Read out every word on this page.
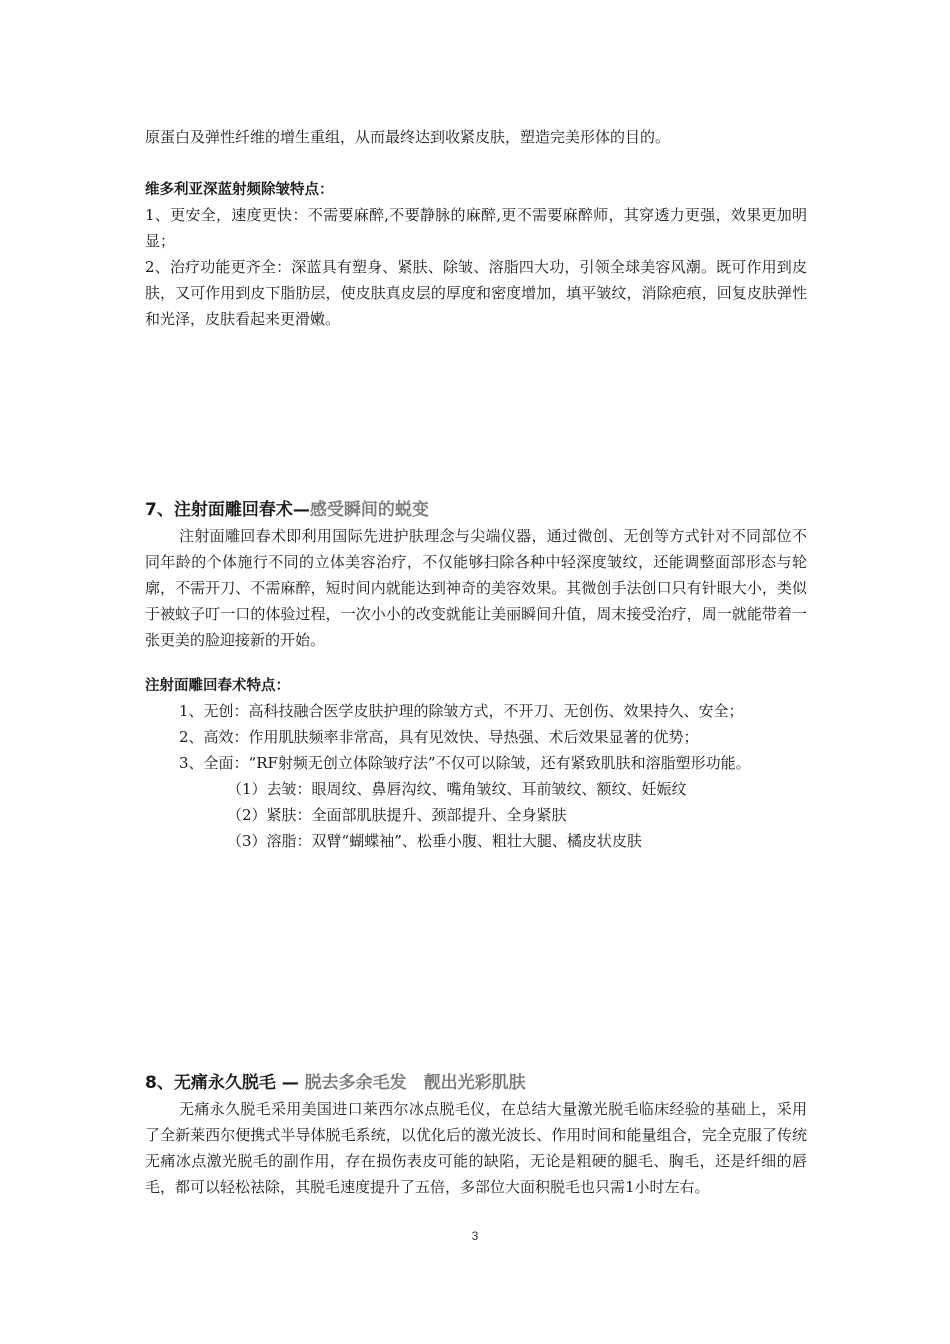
原蛋白及弹性纤维的增生重组，从而最终达到收紧皮肤，塑造完美形体的目的。

维多利亚深蓝射频除皱特点：

1、更安全，速度更快：不需要麻醉,不要静脉的麻醉,更不需要麻醉师，其穿透力更强，效果更加明显；

2、治疗功能更齐全：深蓝具有塑身、紧肤、除皱、溶脂四大功，引领全球美容风潮。既可作用到皮肤，又可作用到皮下脂肪层，使皮肤真皮层的厚度和密度增加，填平皱纹，消除疤痕，回复皮肤弹性和光泽，皮肤看起来更滑嫩。

7、注射面雕回春术—感受瞬间的蜕变

注射面雕回春术即利用国际先进护肤理念与尖端仪器，通过微创、无创等方式针对不同部位不同年龄的个体施行不同的立体美容治疗，不仅能够扫除各种中轻深度皱纹，还能调整面部形态与轮廓，不需开刀、不需麻醉，短时间内就能达到神奇的美容效果。其微创手法创口只有针眼大小，类似于被蚊子叮一口的体验过程，一次小小的改变就能让美丽瞬间升值，周末接受治疗，周一就能带着一张更美的脸迎接新的开始。

注射面雕回春术特点：

1、无创：高科技融合医学皮肤护理的除皱方式，不开刀、无创伤、效果持久、安全；

2、高效：作用肌肤频率非常高，具有见效快、导热强、术后效果显著的优势；

3、全面：“RF射频无创立体除皱疗法”不仅可以除皱，还有紧致肌肤和溶脂塑形功能。

（1）去皱：眼周纹、鼻唇沟纹、嘴角皱纹、耳前皱纹、额纹、妊娠纹

（2）紧肤：全面部肌肤提升、颈部提升、全身紧肤

（3）溶脂：双臂“蝴蝶袖”、松垂小腹、粗壮大腿、橘皮状皮肤

8、无痛永久脱毛 — 脱去多余毛发　靓出光彩肌肤

无痛永久脱毛采用美国进口莱西尔冰点脱毛仪，在总结大量激光脱毛临床经验的基础上，采用了全新莱西尔便携式半导体脱毛系统，以优化后的激光波长、作用时间和能量组合，完全克服了传统无痛冰点激光脱毛的副作用，存在损伤表皮可能的缺陷，无论是粗硬的腿毛、胸毛，还是纤细的唇毛，都可以轻松祛除，其脱毛速度提升了五倍，多部位大面积脱毛也只需1小时左右。

3
